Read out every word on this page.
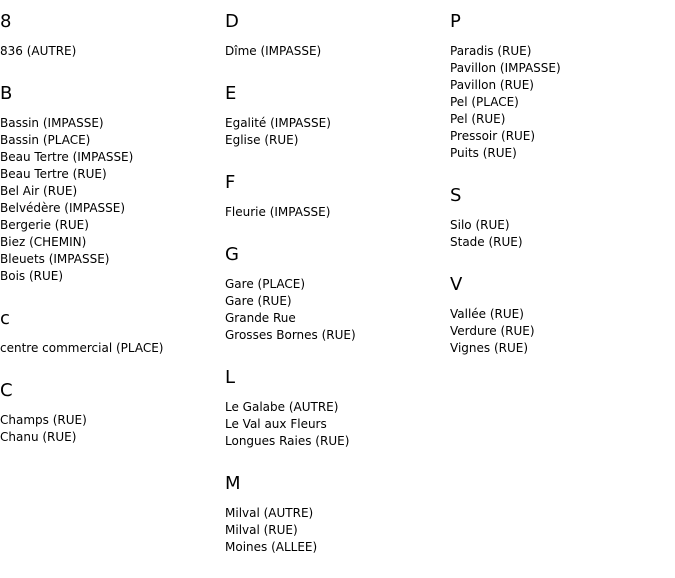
8
836 (AUTRE)
B
Bassin (IMPASSE)
Bassin (PLACE)
Beau Tertre (IMPASSE)
Beau Tertre (RUE)
Bel Air (RUE)
Belvédère (IMPASSE)
Bergerie (RUE)
Biez (CHEMIN)
Bleuets (IMPASSE)
Bois (RUE)
c
centre commercial (PLACE)
C
Champs (RUE)
Chanu (RUE)
D
Dîme (IMPASSE)
E
Egalité (IMPASSE)
Eglise (RUE)
F
Fleurie (IMPASSE)
G
Gare (PLACE)
Gare (RUE)
Grande Rue
Grosses Bornes (RUE)
L
Le Galabe (AUTRE)
Le Val aux Fleurs
Longues Raies (RUE)
M
Milval (AUTRE)
Milval (RUE)
Moines (ALLEE)
P
Paradis (RUE)
Pavillon (IMPASSE)
Pavillon (RUE)
Pel (PLACE)
Pel (RUE)
Pressoir (RUE)
Puits (RUE)
S
Silo (RUE)
Stade (RUE)
V
Vallée (RUE)
Verdure (RUE)
Vignes (RUE)
